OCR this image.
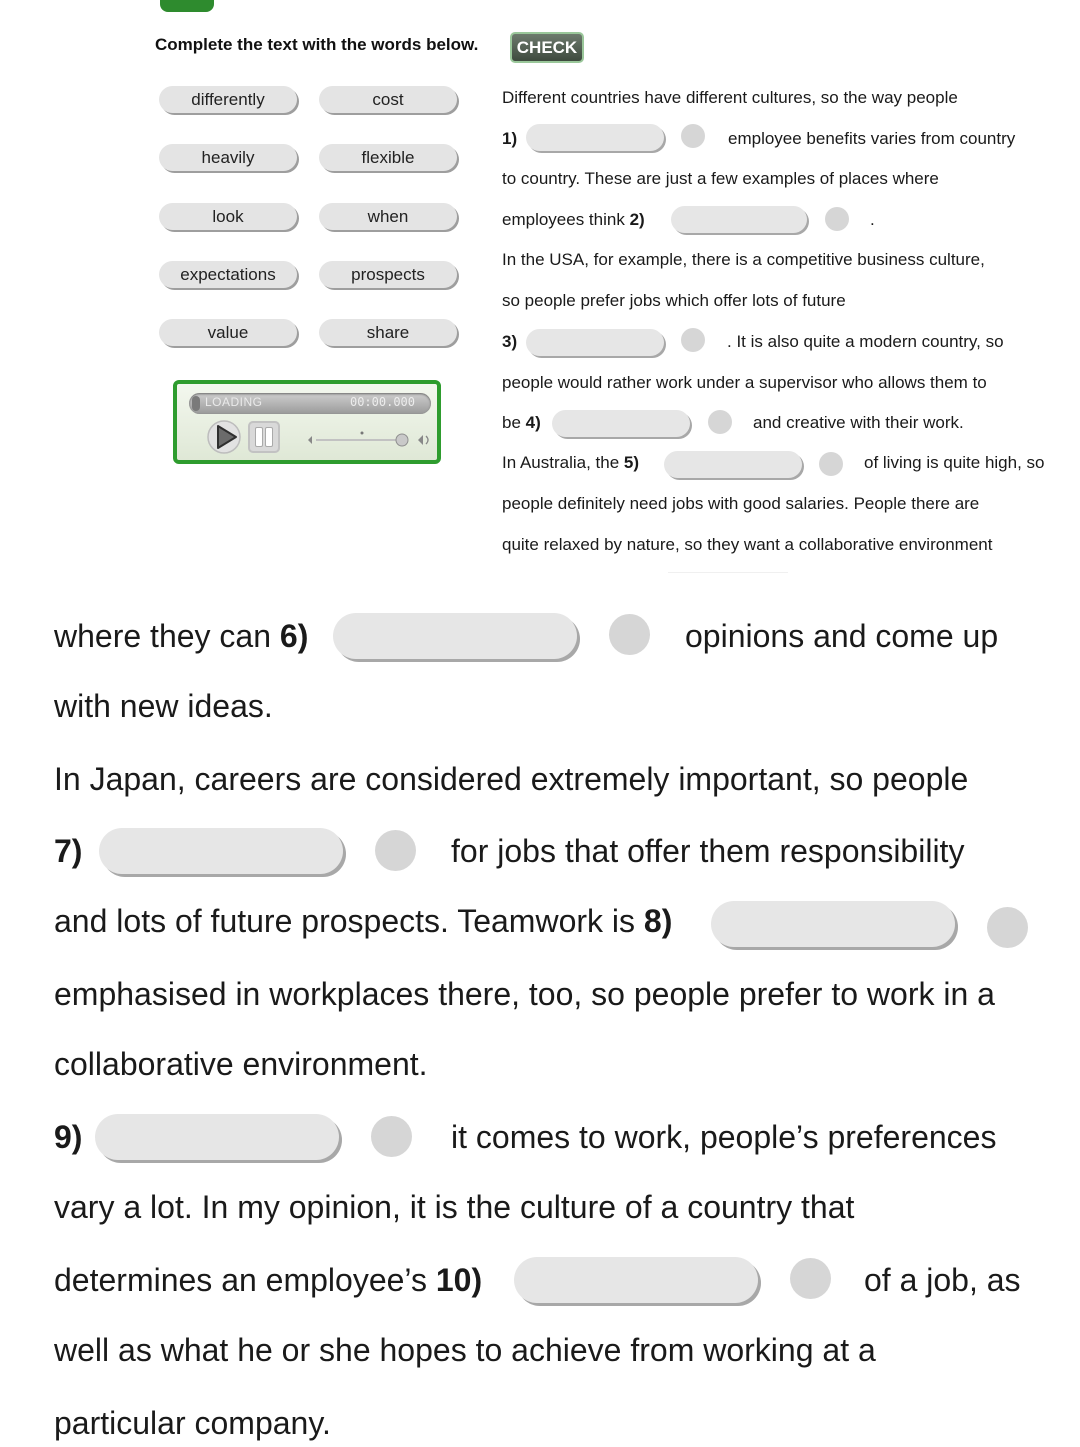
Complete the text with the words below.	CHECK
differently	cost
heavily	flexible
look	when
expectations	prospects
value	share
LOADING	00:00.000
Different countries have different cultures, so the way people
1)	employee benefits varies from country
to country. These are just a few examples of places where
employees think 2)	.
In the USA, for example, there is a competitive business culture,
so people prefer jobs which offer lots of future
3)	. It is also quite a modern country, so
people would rather work under a supervisor who allows them to
be 4)	and creative with their work.
In Australia, the 5)	of living is quite high, so
people definitely need jobs with good salaries. People there are
quite relaxed by nature, so they want a collaborative environment
where they can 6)	opinions and come up
with new ideas.
In Japan, careers are considered extremely important, so people
7)	for jobs that offer them responsibility
and lots of future prospects. Teamwork is 8)
emphasised in workplaces there, too, so people prefer to work in a
collaborative environment.
9)	it comes to work, people’s preferences
vary a lot. In my opinion, it is the culture of a country that
determines an employee’s 10)	of a job, as
well as what he or she hopes to achieve from working at a
particular company.
